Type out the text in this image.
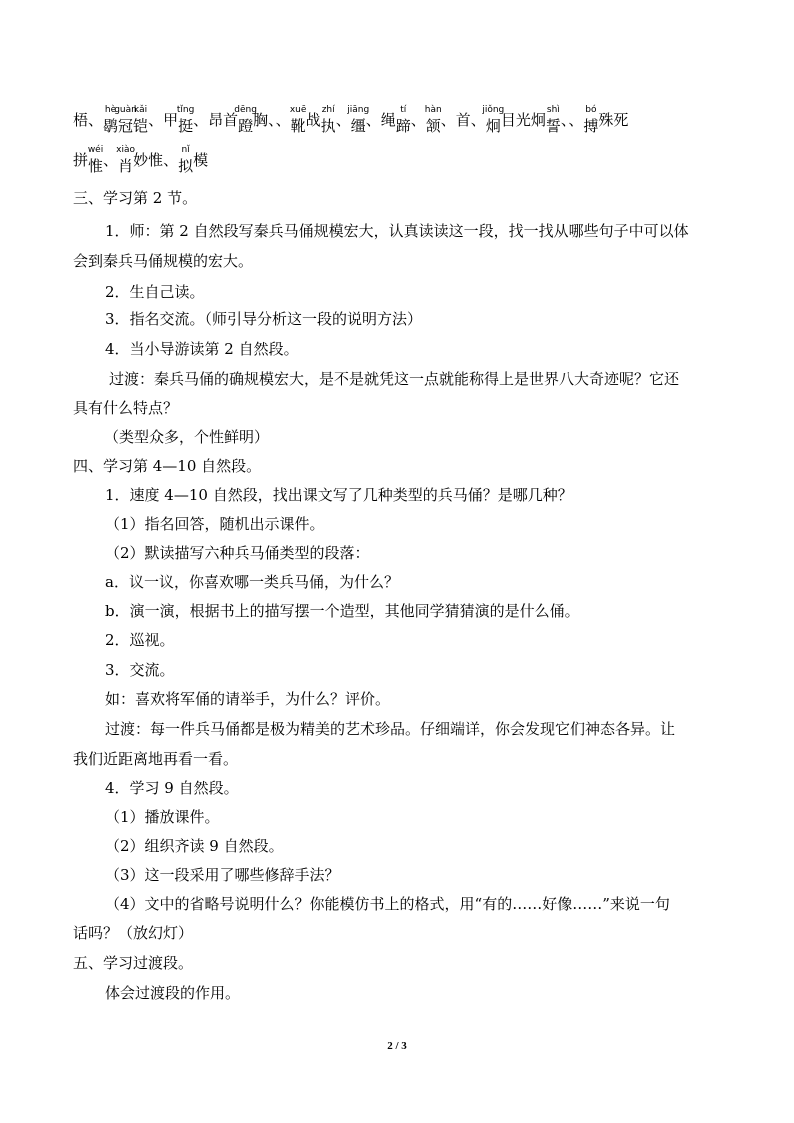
梧、
hè
鹖
guàn
冠
kǎi
铠、甲
tǐng
挺、昂首
dēng
蹬胸、、
xuē
靴战
zhí
执、
jiāng
缰、绳
tí
蹄、
hàn
颔、首、
jiǒng
炯目光炯
shì
誓、、
bó
搏殊死
拼
wéi
惟、
xiào
肖妙惟、
nǐ
拟模
三、学习第 2 节。
1．师：第 2 自然段写秦兵马俑规模宏大，认真读读这一段，找一找从哪些句子中可以体
会到秦兵马俑规模的宏大。
2．生自己读。
3．指名交流。（师引导分析这一段的说明方法）
4．当小导游读第 2 自然段。
过渡：秦兵马俑的确规模宏大，是不是就凭这一点就能称得上是世界八大奇迹呢？它还
具有什么特点？
（类型众多，个性鲜明）
四、学习第 4—10 自然段。
1．速度 4—10 自然段，找出课文写了几种类型的兵马俑？是哪几种？
（1）指名回答，随机出示课件。
（2）默读描写六种兵马俑类型的段落：
a．议一议，你喜欢哪一类兵马俑，为什么？
b．演一演，根据书上的描写摆一个造型，其他同学猜猜演的是什么俑。
2．巡视。
3．交流。
如：喜欢将军俑的请举手，为什么？评价。
过渡：每一件兵马俑都是极为精美的艺术珍品。仔细端详，你会发现它们神态各异。让
我们近距离地再看一看。
4．学习 9 自然段。
（1）播放课件。
（2）组织齐读 9 自然段。
（3）这一段采用了哪些修辞手法？
（4）文中的省略号说明什么？你能模仿书上的格式，用“有的……好像……”来说一句
话吗？（放幻灯）
五、学习过渡段。
体会过渡段的作用。
2 / 3
